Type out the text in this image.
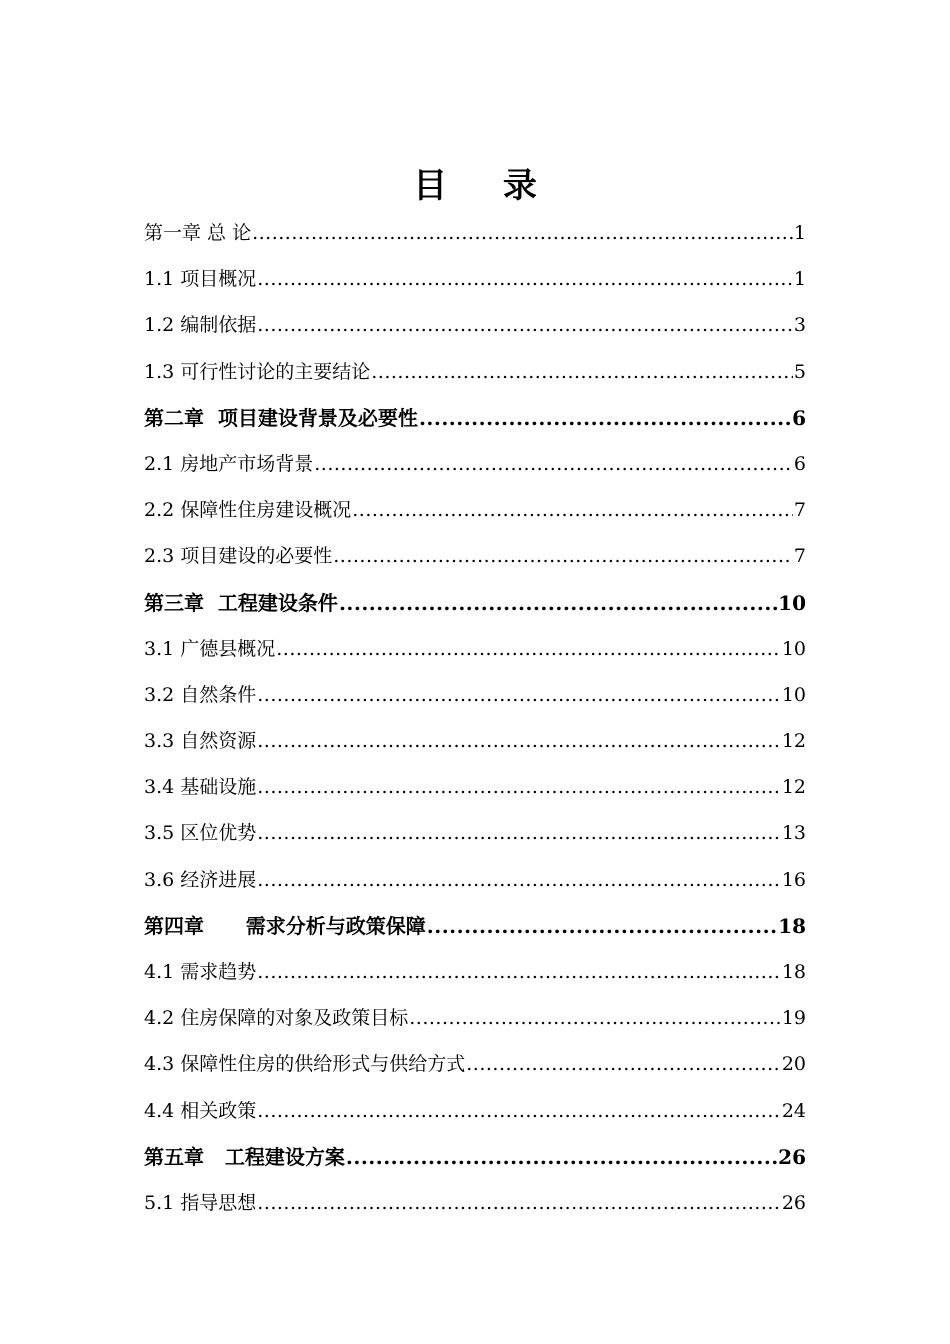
目 录
第一章 总 论 .....	1
1.1 项目概况 .....	1
1.2 编制依据 .....	3
1.3 可行性讨论的主要结论 .....	5
第二章  项目建设背景及必要性 .....	6
2.1 房地产市场背景 .....	6
2.2 保障性住房建设概况 .....	7
2.3 项目建设的必要性 .....	7
第三章  工程建设条件 .....	10
3.1 广德县概况 .....	10
3.2 自然条件 .....	10
3.3 自然资源 .....	12
3.4 基础设施 .....	12
3.5 区位优势 .....	13
3.6 经济进展 .....	16
第四章      需求分析与政策保障 .....	18
4.1 需求趋势 .....	18
4.2 住房保障的对象及政策目标 .....	19
4.3 保障性住房的供给形式与供给方式 .....	20
4.4 相关政策 .....	24
第五章   工程建设方案 .....	26
5.1 指导思想 .....	26
